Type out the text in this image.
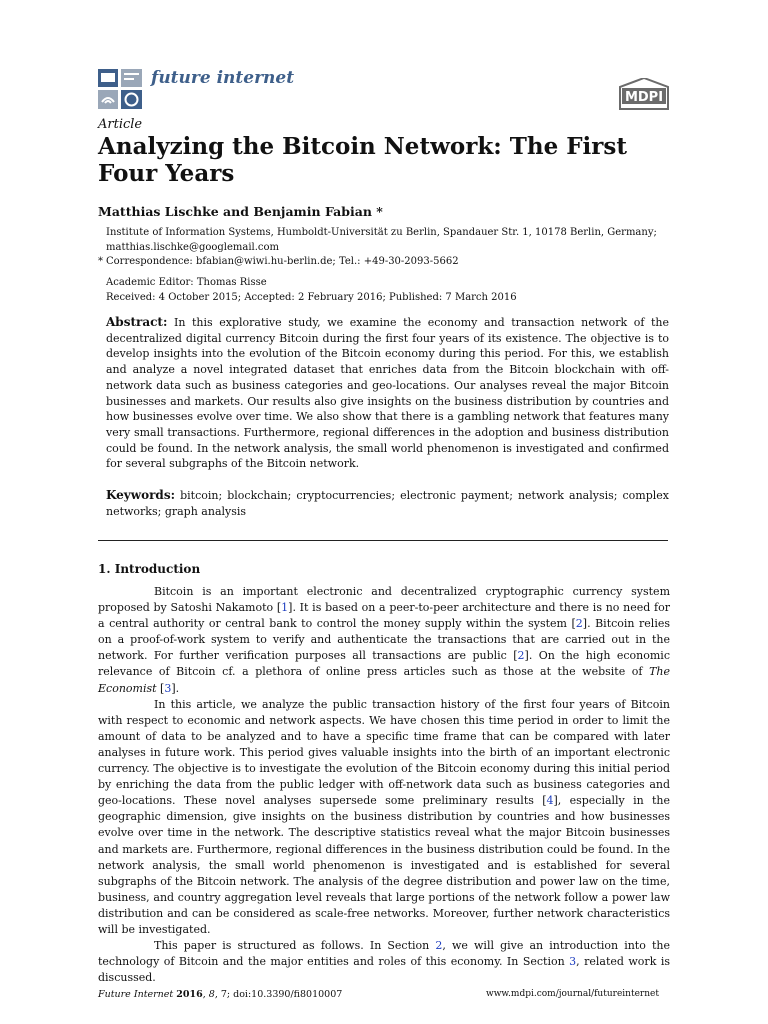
future internet
MDPI
Article
Analyzing the Bitcoin Network: The First Four Years
Matthias Lischke and Benjamin Fabian *
Institute of Information Systems, Humboldt-Universität zu Berlin, Spandauer Str. 1, 10178 Berlin, Germany; matthias.lischke@googlemail.com
* Correspondence: bfabian@wiwi.hu-berlin.de; Tel.: +49-30-2093-5662
Academic Editor: Thomas Risse
Received: 4 October 2015; Accepted: 2 February 2016; Published: 7 March 2016
Abstract: In this explorative study, we examine the economy and transaction network of the decentralized digital currency Bitcoin during the first four years of its existence. The objective is to develop insights into the evolution of the Bitcoin economy during this period. For this, we establish and analyze a novel integrated dataset that enriches data from the Bitcoin blockchain with off-network data such as business categories and geo-locations. Our analyses reveal the major Bitcoin businesses and markets. Our results also give insights on the business distribution by countries and how businesses evolve over time. We also show that there is a gambling network that features many very small transactions. Furthermore, regional differences in the adoption and business distribution could be found. In the network analysis, the small world phenomenon is investigated and confirmed for several subgraphs of the Bitcoin network.
Keywords: bitcoin; blockchain; cryptocurrencies; electronic payment; network analysis; complex networks; graph analysis
1. Introduction

Bitcoin is an important electronic and decentralized cryptographic currency system proposed by Satoshi Nakamoto [1]. It is based on a peer-to-peer architecture and there is no need for a central authority or central bank to control the money supply within the system [2]. Bitcoin relies on a proof-of-work system to verify and authenticate the transactions that are carried out in the network. For further verification purposes all transactions are public [2]. On the high economic relevance of Bitcoin cf. a plethora of online press articles such as those at the website of The Economist [3].

In this article, we analyze the public transaction history of the first four years of Bitcoin with respect to economic and network aspects. We have chosen this time period in order to limit the amount of data to be analyzed and to have a specific time frame that can be compared with later analyses in future work. This period gives valuable insights into the birth of an important electronic currency. The objective is to investigate the evolution of the Bitcoin economy during this initial period by enriching the data from the public ledger with off-network data such as business categories and geo-locations. These novel analyses supersede some preliminary results [4], especially in the geographic dimension, give insights on the business distribution by countries and how businesses evolve over time in the network. The descriptive statistics reveal what the major Bitcoin businesses and markets are. Furthermore, regional differences in the business distribution could be found. In the network analysis, the small world phenomenon is investigated and is established for several subgraphs of the Bitcoin network. The analysis of the degree distribution and power law on the time, business, and country aggregation level reveals that large portions of the network follow a power law distribution and can be considered as scale-free networks. Moreover, further network characteristics will be investigated.

This paper is structured as follows. In Section 2, we will give an introduction into the technology of Bitcoin and the major entities and roles of this economy. In Section 3, related work is discussed.

Future Internet 2016, 8, 7; doi:10.3390/fi8010007	www.mdpi.com/journal/futureinternet
